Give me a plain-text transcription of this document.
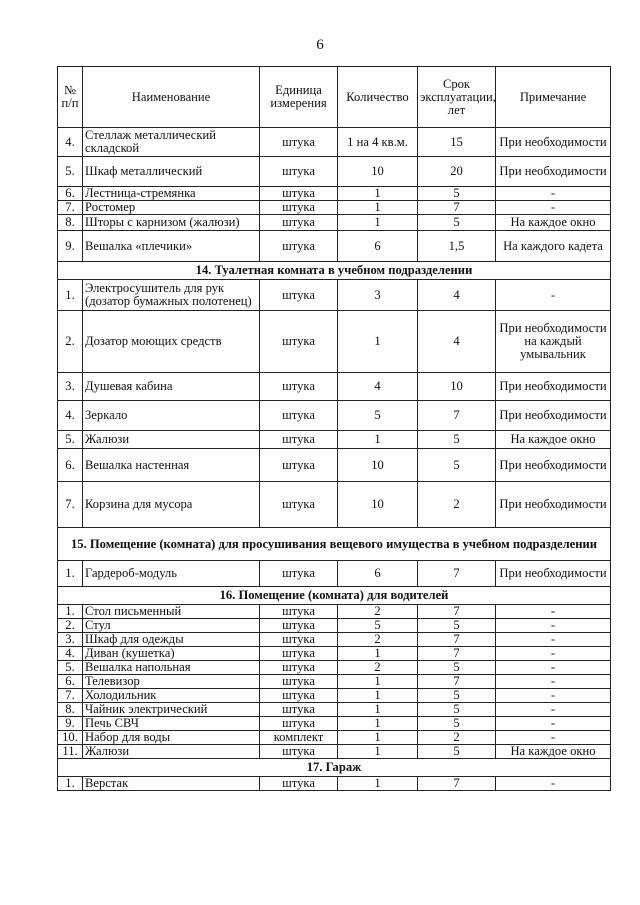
6
№ п/п	Наименование	Единица измерения	Количество	Срок эксплуатации, лет	Примечание
4.	Стеллаж металлический складской	штука	1 на 4 кв.м.	15	При необходимости
5.	Шкаф металлический	штука	10	20	При необходимости
6.	Лестница-стремянка	штука	1	5	-
7.	Ростомер	штука	1	7	-
8.	Шторы с карнизом (жалюзи)	штука	1	5	На каждое окно
9.	Вешалка «плечики»	штука	6	1,5	На каждого кадета
14. Туалетная комната в учебном подразделении					
1.	Электросушитель для рук (дозатор бумажных полотенец)	штука	3	4	-
2.	Дозатор моющих средств	штука	1	4	При необходимости на каждый умывальник
3.	Душевая кабина	штука	4	10	При необходимости
4.	Зеркало	штука	5	7	При необходимости
5.	Жалюзи	штука	1	5	На каждое окно
6.	Вешалка настенная	штука	10	5	При необходимости
7.	Корзина для мусора	штука	10	2	При необходимости
15. Помещение (комната) для просушивания вещевого имущества в учебном подразделении					
1.	Гардероб-модуль	штука	6	7	При необходимости
16. Помещение (комната) для водителей					
1.	Стол письменный	штука	2	7	-
2.	Стул	штука	5	5	-
3.	Шкаф для одежды	штука	2	7	-
4.	Диван (кушетка)	штука	1	7	-
5.	Вешалка напольная	штука	2	5	-
6.	Телевизор	штука	1	7	-
7.	Холодильник	штука	1	5	-
8.	Чайник электрический	штука	1	5	-
9.	Печь СВЧ	штука	1	5	-
10.	Набор для воды	комплект	1	2	-
11.	Жалюзи	штука	1	5	На каждое окно
17. Гараж					
1.	Верстак	штука	1	7	-
